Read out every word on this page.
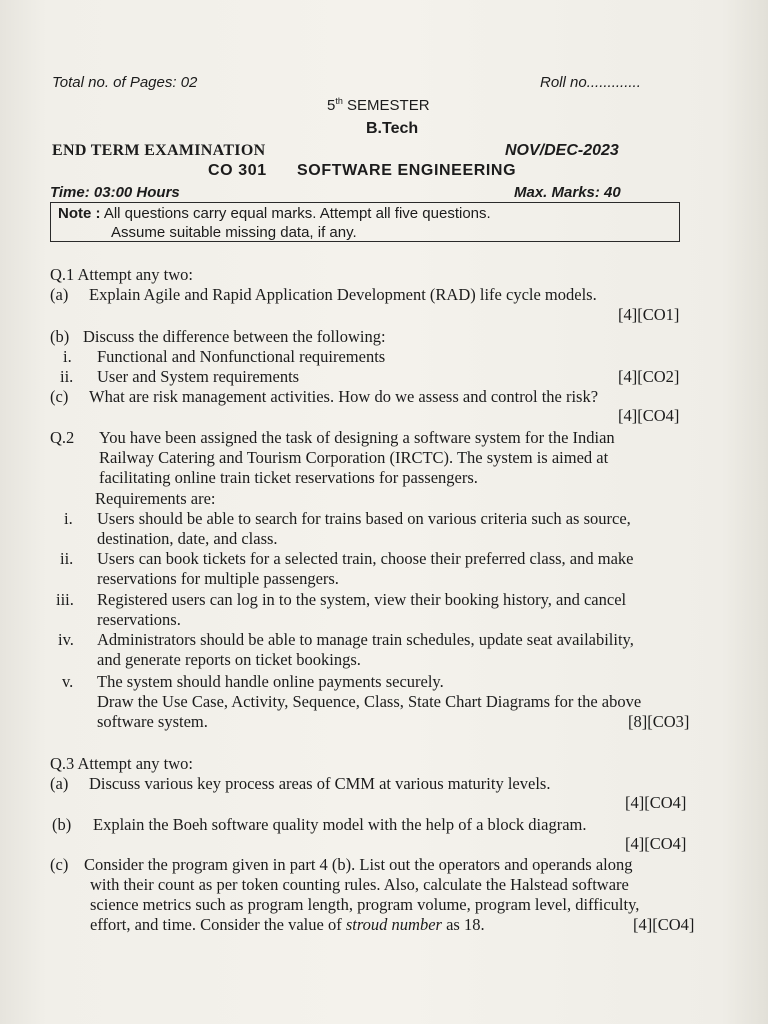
Total no. of Pages: 02	Roll no.............
5th SEMESTER
B.Tech
END TERM EXAMINATION	NOV/DEC-2023
CO 301 SOFTWARE ENGINEERING
Time: 03:00 Hours	Max. Marks: 40
Note : All questions carry equal marks. Attempt all five questions.
Assume suitable missing data, if any.
Q.1 Attempt any two:
(a) Explain Agile and Rapid Application Development (RAD) life cycle models.
[4][CO1]
(b) Discuss the difference between the following:
i. Functional and Nonfunctional requirements
ii. User and System requirements	[4][CO2]
(c) What are risk management activities. How do we assess and control the risk?
[4][CO4]
Q.2 You have been assigned the task of designing a software system for the Indian
Railway Catering and Tourism Corporation (IRCTC). The system is aimed at
facilitating online train ticket reservations for passengers.
Requirements are:
i. Users should be able to search for trains based on various criteria such as source,
destination, date, and class.
ii. Users can book tickets for a selected train, choose their preferred class, and make
reservations for multiple passengers.
iii. Registered users can log in to the system, view their booking history, and cancel
reservations.
iv. Administrators should be able to manage train schedules, update seat availability,
and generate reports on ticket bookings.
v. The system should handle online payments securely.
Draw the Use Case, Activity, Sequence, Class, State Chart Diagrams for the above
software system.	[8][CO3]
Q.3 Attempt any two:
(a) Discuss various key process areas of CMM at various maturity levels.
[4][CO4]
(b) Explain the Boeh software quality model with the help of a block diagram.
[4][CO4]
(c) Consider the program given in part 4 (b). List out the operators and operands along
with their count as per token counting rules. Also, calculate the Halstead software
science metrics such as program length, program volume, program level, difficulty,
effort, and time. Consider the value of stroud number as 18.	[4][CO4]
